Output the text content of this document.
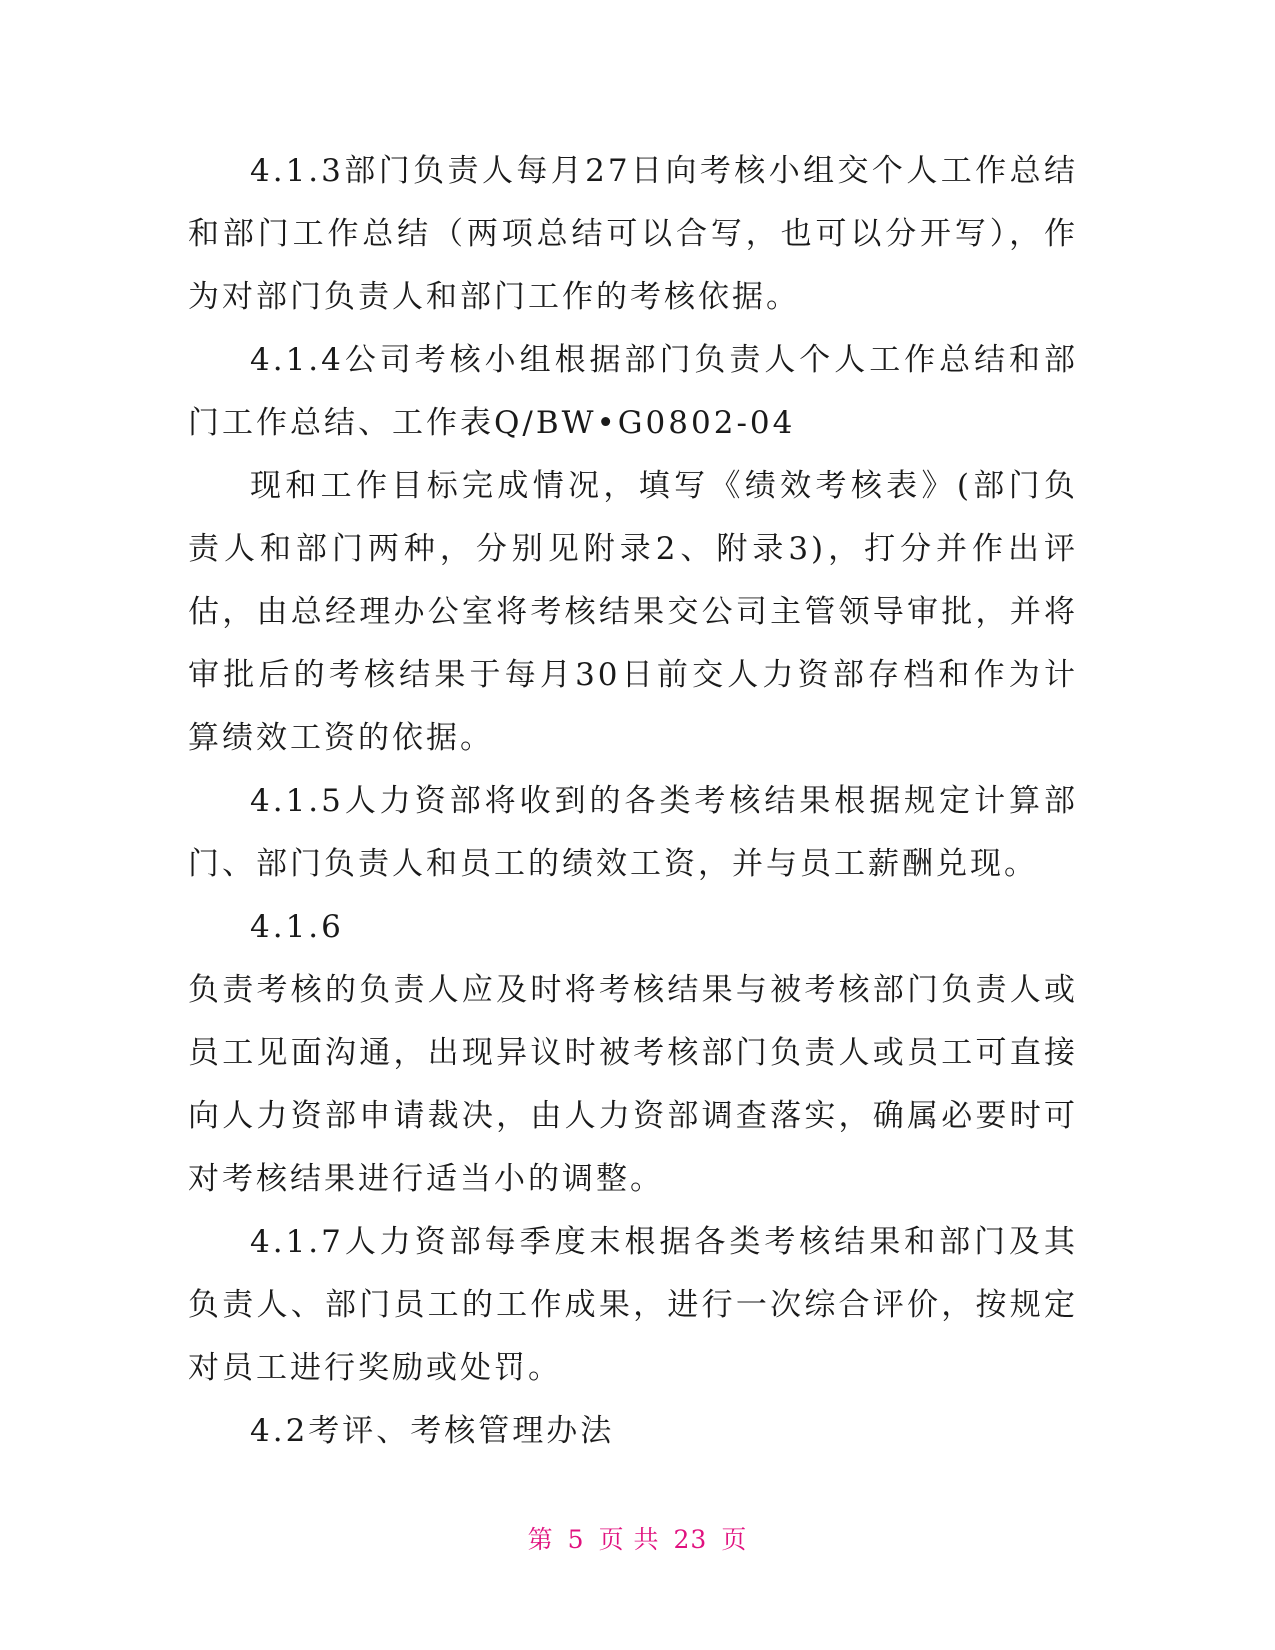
4.1.3部门负责人每月27日向考核小组交个人工作总结和部门工作总结（两项总结可以合写，也可以分开写），作为对部门负责人和部门工作的考核依据。

4.1.4公司考核小组根据部门负责人个人工作总结和部门工作总结、工作表Q/BW•G0802-04

现和工作目标完成情况，填写《绩效考核表》(部门负责人和部门两种，分别见附录2、附录3)，打分并作出评估，由总经理办公室将考核结果交公司主管领导审批，并将审批后的考核结果于每月30日前交人力资部存档和作为计算绩效工资的依据。

4.1.5人力资部将收到的各类考核结果根据规定计算部门、部门负责人和员工的绩效工资，并与员工薪酬兑现。

4.1.6

负责考核的负责人应及时将考核结果与被考核部门负责人或员工见面沟通，出现异议时被考核部门负责人或员工可直接向人力资部申请裁决，由人力资部调查落实，确属必要时可对考核结果进行适当小的调整。

4.1.7人力资部每季度末根据各类考核结果和部门及其负责人、部门员工的工作成果，进行一次综合评价，按规定对员工进行奖励或处罚。

4.2考评、考核管理办法

第 5 页 共 23 页
